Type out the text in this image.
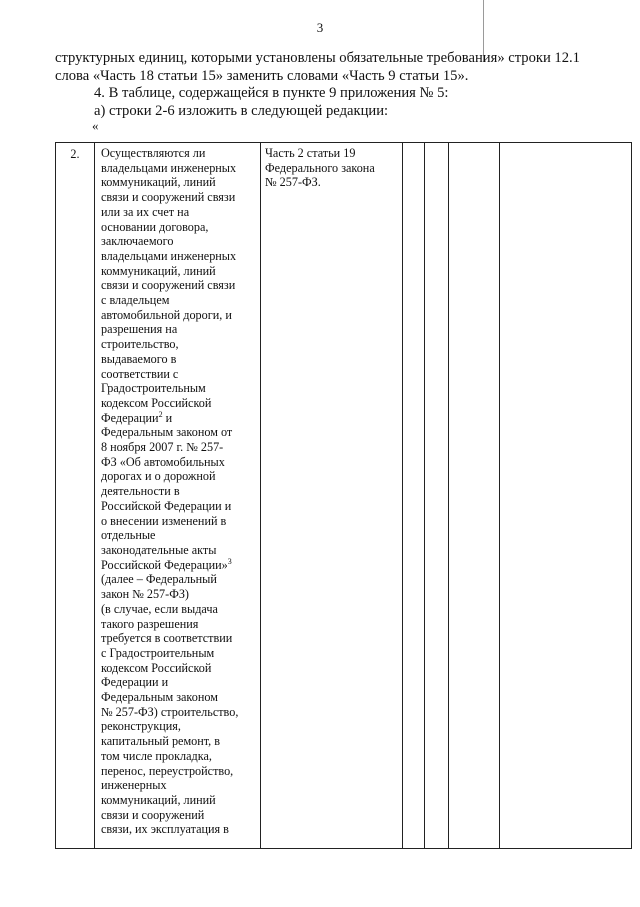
3

структурных единиц, которыми установлены обязательные требования» строки 12.1

слова «Часть 18 статьи 15» заменить словами «Часть 9 статьи 15».

4. В таблице, содержащейся в пункте 9 приложения № 5:

а) строки 2-6 изложить в следующей редакции:

«

2.	Осуществляются ли
владельцами инженерных
коммуникаций, линий
связи и сооружений связи
или за их счет на
основании договора,
заключаемого
владельцами инженерных
коммуникаций, линий
связи и сооружений связи
с владельцем
автомобильной дороги, и
разрешения на
строительство,
выдаваемого в
соответствии с
Градостроительным
кодексом Российской
Федерации$^2$ и
Федеральным законом от
8 ноября 2007 г. № 257-
ФЗ «Об автомобильных
дорогах и о дорожной
деятельности в
Российской Федерации и
о внесении изменений в
отдельные
законодательные акты
Российской Федерации»$^3$
(далее – Федеральный
закон № 257-ФЗ)
(в случае, если выдача
такого разрешения
требуется в соответствии
с Градостроительным
кодексом Российской
Федерации и
Федеральным законом
№ 257-ФЗ) строительство,
реконструкция,
капитальный ремонт, в
том числе прокладка,
перенос, переустройство,
инженерных
коммуникаций, линий
связи и сооружений
связи, их эксплуатация в	Часть 2 статьи 19
Федерального закона
№ 257-ФЗ.				
